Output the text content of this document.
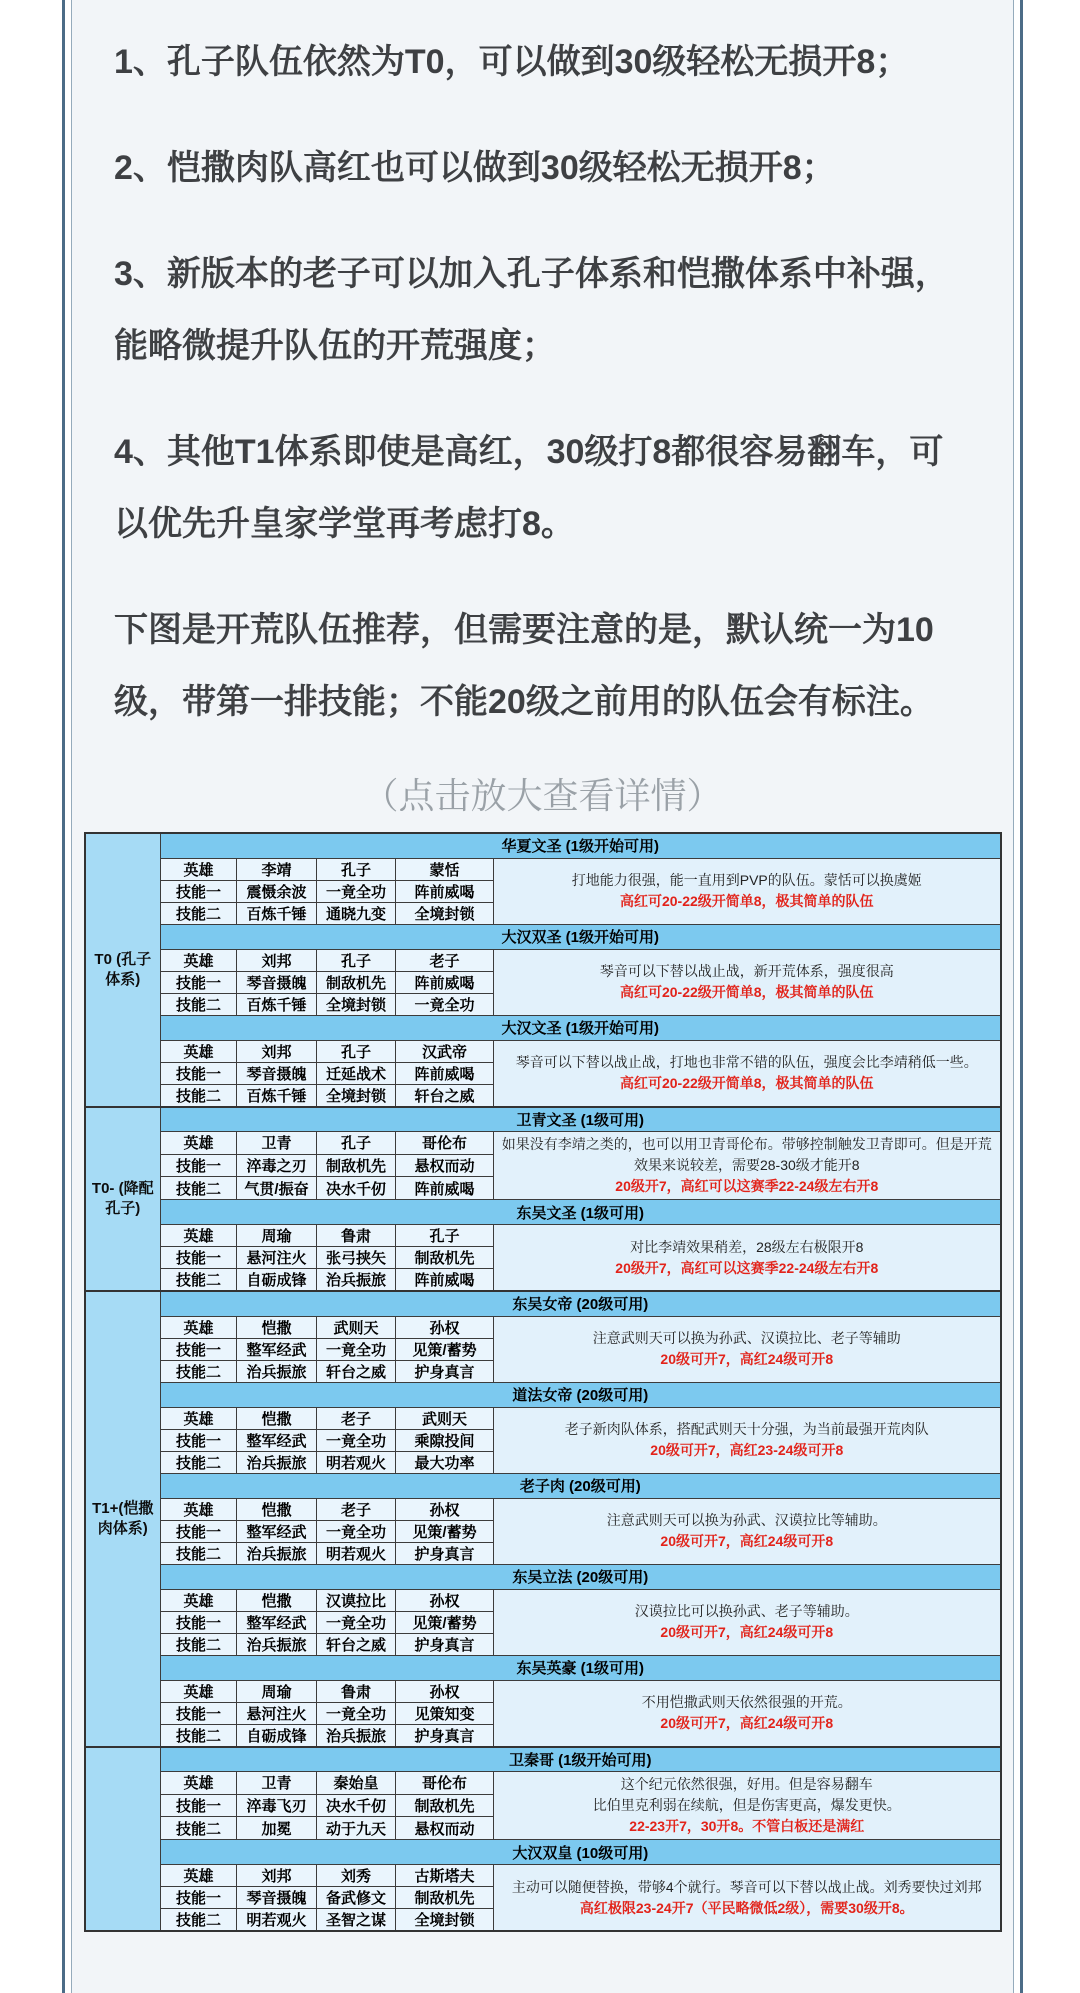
1、孔子队伍依然为T0，可以做到30级轻松无损开8；

2、恺撒肉队高红也可以做到30级轻松无损开8；

3、新版本的老子可以加入孔子体系和恺撒体系中补强，能略微提升队伍的开荒强度；

4、其他T1体系即使是高红，30级打8都很容易翻车，可以优先升皇家学堂再考虑打8。

下图是开荒队伍推荐，但需要注意的是，默认统一为10级，带第一排技能；不能20级之前用的队伍会有标注。

（点击放大查看详情）
T0 (孔子体系)	华夏文圣 (1级开始可用)				
	英雄	李靖	孔子	蒙恬	打地能力很强，能一直用到PVP的队伍。蒙恬可以换虞姬
高红可20-22级开简单8，极其简单的队伍

	技能一	震慑余波	一竟全功	阵前威喝	
	技能二	百炼千锤	通晓九变	全境封锁	
	大汉双圣 (1级开始可用)				
	英雄	刘邦	孔子	老子	琴音可以下替以战止战，新开荒体系，强度很高
高红可20-22级开简单8，极其简单的队伍

	技能一	琴音摄魄	制敌机先	阵前威喝	
	技能二	百炼千锤	全境封锁	一竟全功	
	大汉文圣 (1级开始可用)				
	英雄	刘邦	孔子	汉武帝	琴音可以下替以战止战，打地也非常不错的队伍，强度会比李靖稍低一些。
高红可20-22级开简单8，极其简单的队伍

	技能一	琴音摄魄	迁延战术	阵前威喝	
	技能二	百炼千锤	全境封锁	轩台之威	
T0- (降配孔子)	卫青文圣 (1级可用)				
	英雄	卫青	孔子	哥伦布	如果没有李靖之类的，也可以用卫青哥伦布。带够控制触发卫青即可。但是开荒
效果来说较差，需要28-30级才能开8
20级开7，高红可以这赛季22-24级左右开8

	技能一	淬毒之刃	制敌机先	悬权而动	
	技能二	气贯/振奋	决水千仞	阵前威喝	
	东吴文圣 (1级可用)				
	英雄	周瑜	鲁肃	孔子	对比李靖效果稍差，28级左右极限开8
20级开7，高红可以这赛季22-24级左右开8

	技能一	悬河注火	张弓挟矢	制敌机先	
	技能二	自砺成锋	治兵振旅	阵前威喝	
T1+(恺撒肉体系)	东吴女帝 (20级可用)				
	英雄	恺撒	武则天	孙权	注意武则天可以换为孙武、汉谟拉比、老子等辅助
20级可开7，高红24级可开8

	技能一	整军经武	一竟全功	见策/蓄势	
	技能二	治兵振旅	轩台之威	护身真言	
	道法女帝 (20级可用)				
	英雄	恺撒	老子	武则天	老子新肉队体系，搭配武则天十分强，为当前最强开荒肉队
20级可开7，高红23-24级可开8

	技能一	整军经武	一竟全功	乘隙投间	
	技能二	治兵振旅	明若观火	最大功率	
	老子肉 (20级可用)				
	英雄	恺撒	老子	孙权	注意武则天可以换为孙武、汉谟拉比等辅助。
20级可开7，高红24级可开8

	技能一	整军经武	一竟全功	见策/蓄势	
	技能二	治兵振旅	明若观火	护身真言	
	东吴立法 (20级可用)				
	英雄	恺撒	汉谟拉比	孙权	汉谟拉比可以换孙武、老子等辅助。
20级可开7，高红24级可开8

	技能一	整军经武	一竟全功	见策/蓄势	
	技能二	治兵振旅	轩台之威	护身真言	
	东吴英豪 (1级可用)				
	英雄	周瑜	鲁肃	孙权	不用恺撒武则天依然很强的开荒。
20级可开7，高红24级可开8

	技能一	悬河注火	一竟全功	见策知变	
	技能二	自砺成锋	治兵振旅	护身真言	
	卫秦哥 (1级开始可用)				
	英雄	卫青	秦始皇	哥伦布	这个纪元依然很强，好用。但是容易翻车
比伯里克利弱在续航，但是伤害更高，爆发更快。
22-23开7，30开8。不管白板还是满红

	技能一	淬毒飞刃	决水千仞	制敌机先	
	技能二	加冕	动于九天	悬权而动	
	大汉双皇 (10级可用)				
	英雄	刘邦	刘秀	古斯塔夫	主动可以随便替换，带够4个就行。琴音可以下替以战止战。刘秀要快过刘邦
高红极限23-24开7（平民略微低2级），需要30级开8。

	技能一	琴音摄魄	备武修文	制敌机先	
	技能二	明若观火	圣智之谋	全境封锁	
